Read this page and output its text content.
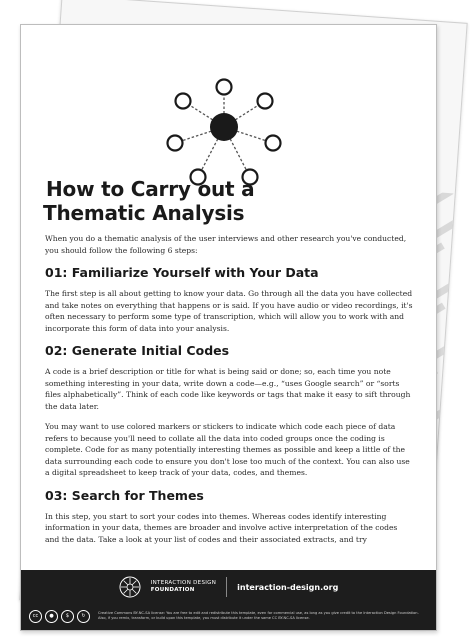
How to Carry out a
Thematic Analysis

When you do a thematic analysis of the user interviews and other research you've conducted, you should follow the following 6 steps:

01: Familiarize Yourself with Your Data

The first step is all about getting to know your data. Go through all the data you have collected and take notes on everything that happens or is said. If you have audio or video recordings, it's often necessary to perform some type of transcription, which will allow you to work with and incorporate this form of data into your analysis.

02: Generate Initial Codes

A code is a brief description or title for what is being said or done; so, each time you note something interesting in your data, write down a code—e.g., “uses Google search” or “sorts files alphabetically”. Think of each code like keywords or tags that make it easy to sift through the data later.

You may want to use colored markers or stickers to indicate which code each piece of data refers to because you'll need to collate all the data into coded groups once the coding is complete. Code for as many potentially interesting themes as possible and keep a little of the data surrounding each code to ensure you don't lose too much of the context. You can also use a digital spreadsheet to keep track of your data, codes, and themes.

03: Search for Themes

In this step, you start to sort your codes into themes. Whereas codes identify interesting information in your data, themes are broader and involve active interpretation of the codes and the data. Take a look at your list of codes and their associated extracts, and try

INTERACTION DESIGN
FOUNDATION	interaction-design.org
cc	●	$	↻	Creative Commons BY-NC-SA license: You are free to edit and redistribute this template, even for commercial use, as long as you give credit to the Interaction Design Foundation. Also, if you remix, transform, or build upon this template, you must distribute it under the same CC BY-NC-SA license.
